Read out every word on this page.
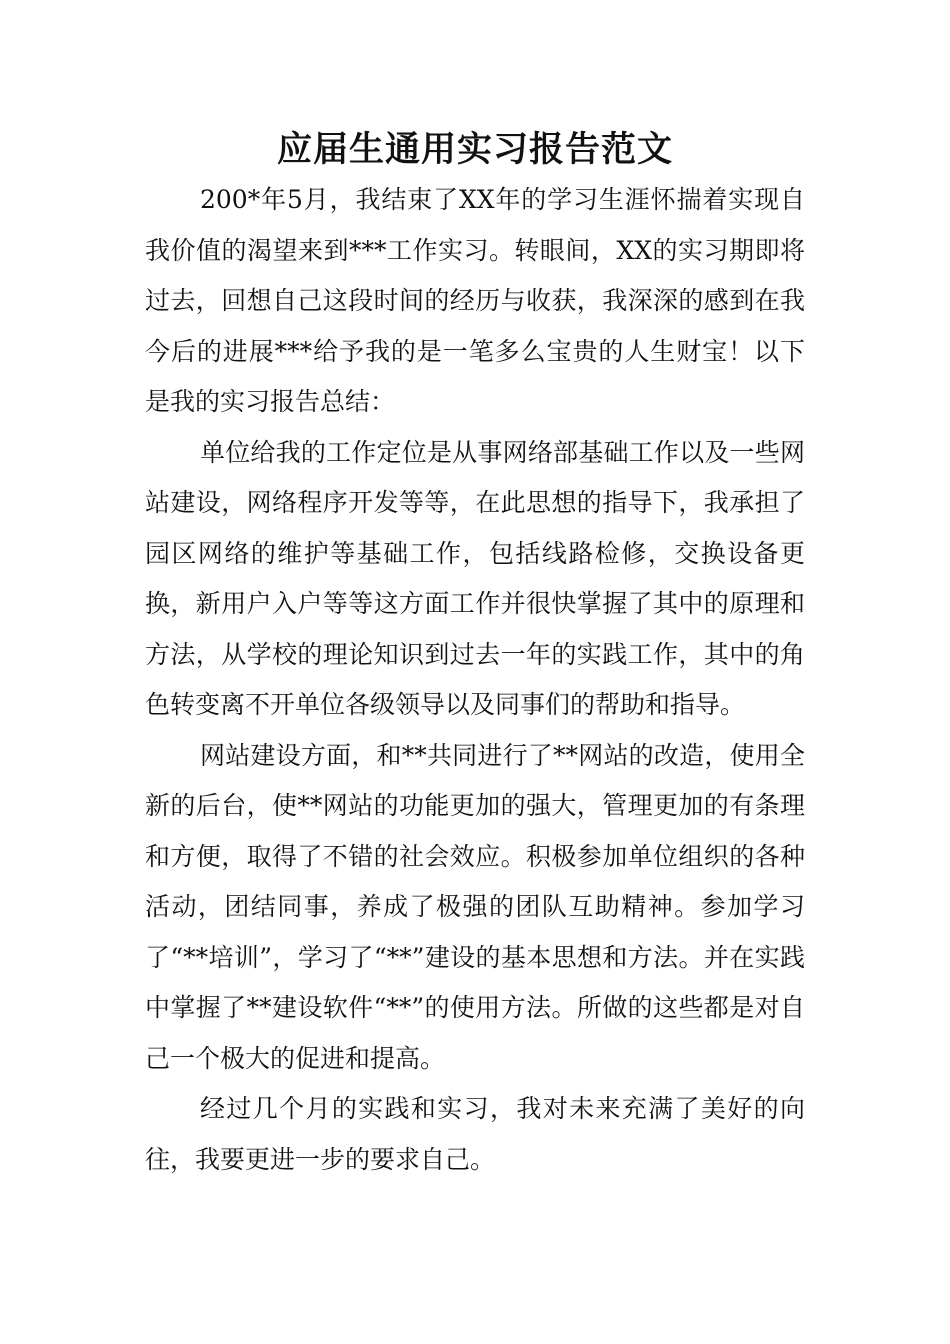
应届生通用实习报告范文

200*年5月，我结束了XX年的学习生涯怀揣着实现自我价值的渴望来到***工作实习。转眼间，XX的实习期即将过去，回想自己这段时间的经历与收获，我深深的感到在我今后的进展***给予我的是一笔多么宝贵的人生财宝！以下是我的实习报告总结：

单位给我的工作定位是从事网络部基础工作以及一些网站建设，网络程序开发等等，在此思想的指导下，我承担了园区网络的维护等基础工作，包括线路检修，交换设备更换，新用户入户等等这方面工作并很快掌握了其中的原理和方法，从学校的理论知识到过去一年的实践工作，其中的角色转变离不开单位各级领导以及同事们的帮助和指导。

网站建设方面，和**共同进行了**网站的改造，使用全新的后台，使**网站的功能更加的强大，管理更加的有条理和方便，取得了不错的社会效应。积极参加单位组织的各种活动，团结同事，养成了极强的团队互助精神。参加学习了“**培训”，学习了“**”建设的基本思想和方法。并在实践中掌握了**建设软件“**”的使用方法。所做的这些都是对自己一个极大的促进和提高。

经过几个月的实践和实习，我对未来充满了美好的向往，我要更进一步的要求自己。
